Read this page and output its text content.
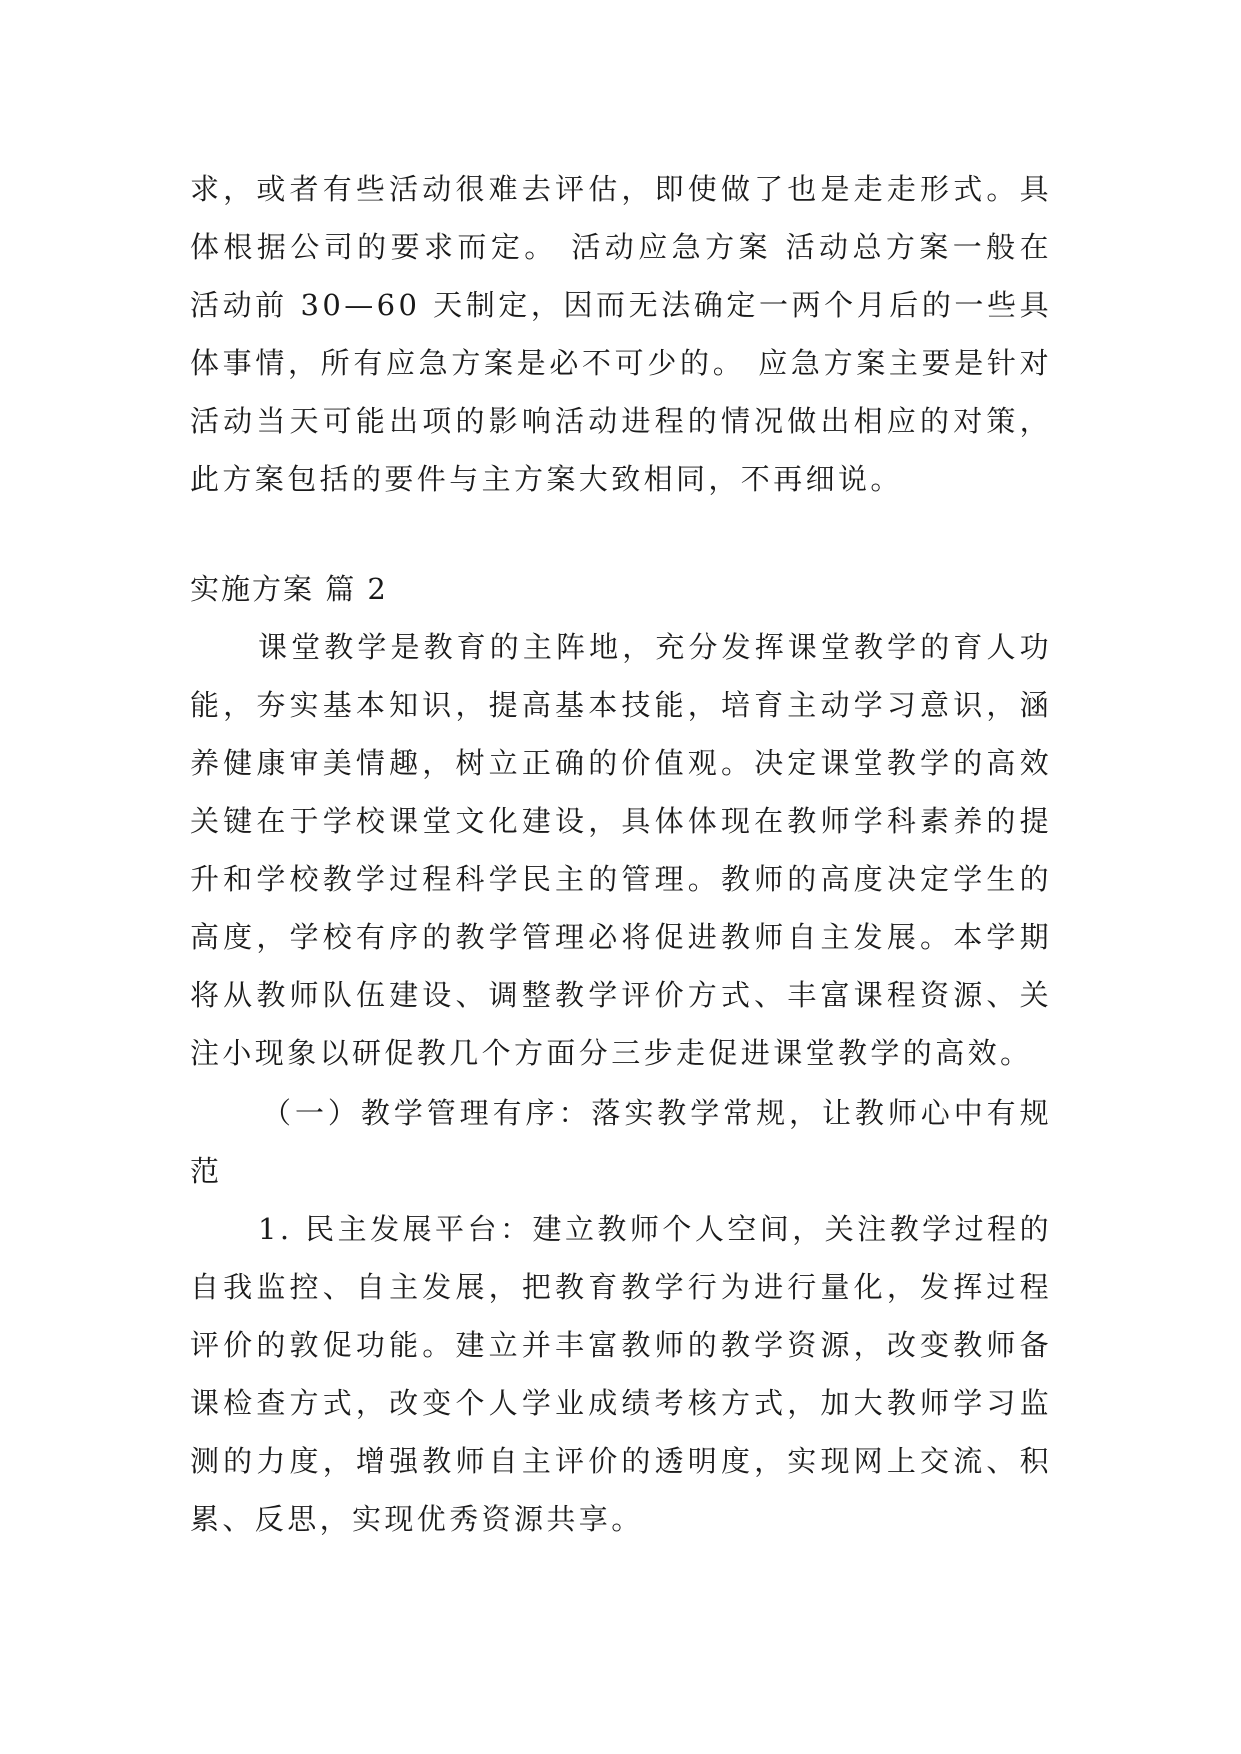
求，或者有些活动很难去评估，即使做了也是走走形式。具体根据公司的要求而定。 活动应急方案 活动总方案一般在活动前 30—60 天制定，因而无法确定一两个月后的一些具体事情，所有应急方案是必不可少的。 应急方案主要是针对活动当天可能出项的影响活动进程的情况做出相应的对策，此方案包括的要件与主方案大致相同，不再细说。

实施方案 篇 2

课堂教学是教育的主阵地，充分发挥课堂教学的育人功能，夯实基本知识，提高基本技能，培育主动学习意识，涵养健康审美情趣，树立正确的价值观。决定课堂教学的高效关键在于学校课堂文化建设，具体体现在教师学科素养的提升和学校教学过程科学民主的管理。教师的高度决定学生的高度，学校有序的教学管理必将促进教师自主发展。本学期将从教师队伍建设、调整教学评价方式、丰富课程资源、关注小现象以研促教几个方面分三步走促进课堂教学的高效。

（一）教学管理有序：落实教学常规，让教师心中有规范

1. 民主发展平台：建立教师个人空间，关注教学过程的自我监控、自主发展，把教育教学行为进行量化，发挥过程评价的敦促功能。建立并丰富教师的教学资源，改变教师备课检查方式，改变个人学业成绩考核方式，加大教师学习监测的力度，增强教师自主评价的透明度，实现网上交流、积累、反思，实现优秀资源共享。
